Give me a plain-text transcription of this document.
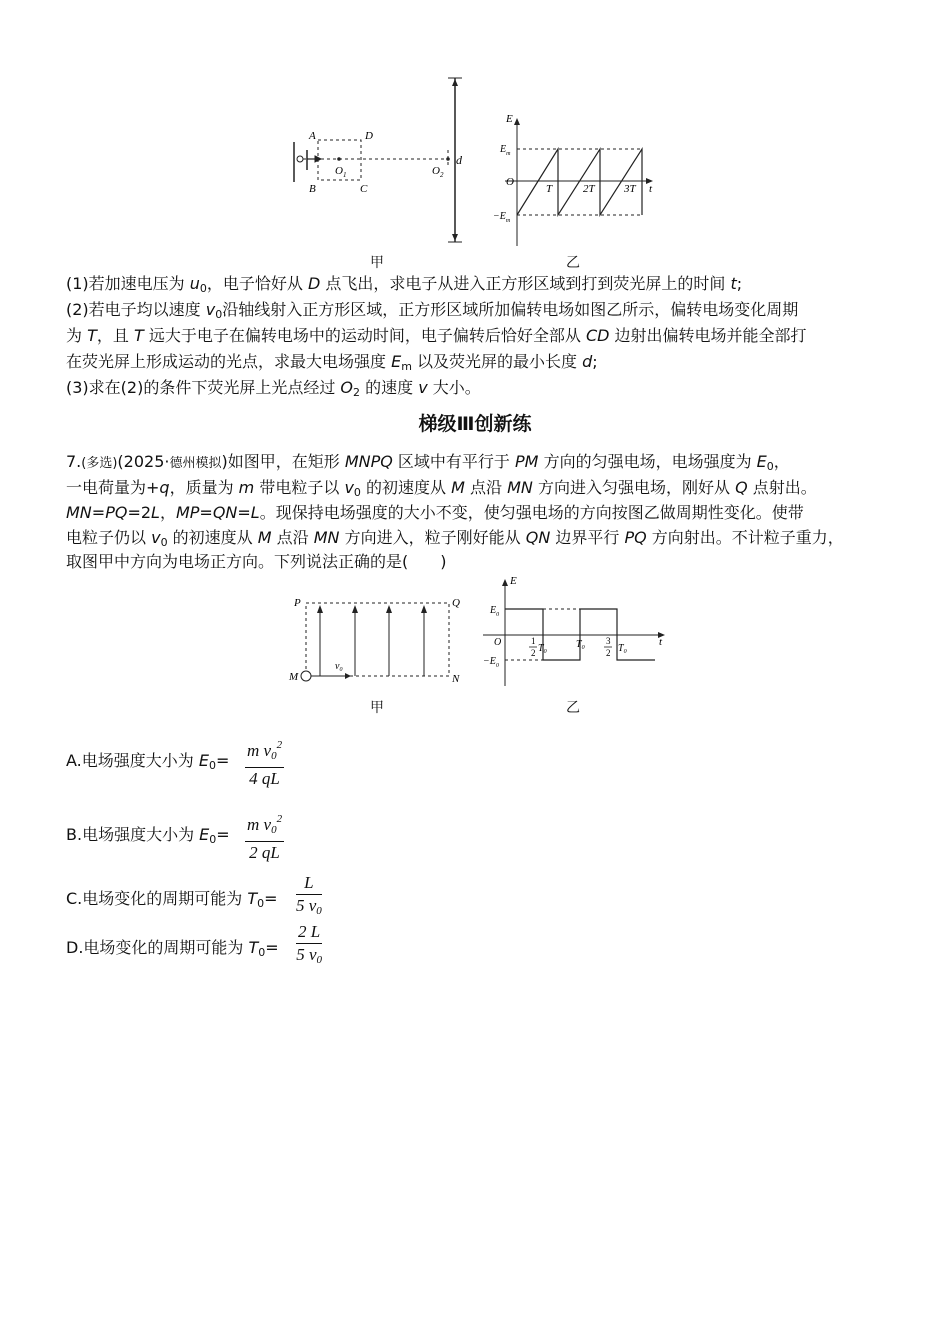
A
B	C
D
$O_1$	$O_2$
d
E
$E_m$
$-E_m$
O
T	2T	3T t
甲	乙
(1)若加速电压为 $u_0$，电子恰好从 D 点飞出，求电子从进入正方形区域到打到荧光屏上的时间 t;
(2)若电子均以速度 $v_0$沿轴线射入正方形区域，正方形区域所加偏转电场如图乙所示，偏转电场变化周期
为 T，且 T 远大于电子在偏转电场中的运动时间，电子偏转后恰好全部从 CD 边射出偏转电场并能全部打
在荧光屏上形成运动的光点，求最大电场强度 $E_m$ 以及荧光屏的最小长度 d;
(3)求在(2)的条件下荧光屏上光点经过 $O_2$ 的速度 v 大小。
梯级Ⅲ创新练
7.(多选)(2025·德州模拟)如图甲，在矩形 MNPQ 区域中有平行于 PM 方向的匀强电场，电场强度为 $E_0$，
一电荷量为+q，质量为 m 带电粒子以 $v_0$ 的初速度从 M 点沿 MN 方向进入匀强电场，刚好从 Q 点射出。
MN=PQ=2L，MP=QN=L。现保持电场强度的大小不变，使匀强电场的方向按图乙做周期性变化。使带
电粒子仍以 $v_0$ 的初速度从 M 点沿 MN 方向进入，粒子刚好能从 QN 边界平行 PQ 方向射出。不计粒子重力，
取图甲中方向为电场正方向。下列说法正确的是(　　)
P	Q
M	N
$v_0$
E
$E_0$
$-E_0$
O	1
2 $T_0$
$T_0$
3
2 $T_0$
t
甲	乙
A.电场强度大小为 $E_0= \frac{m v_0^2}{4 qL}$
B.电场强度大小为 $E_0= \frac{m v_0^2}{2 qL}$
C.电场变化的周期可能为 $T_0= \frac{L}{5 v_0}$
D.电场变化的周期可能为 $T_0= \frac{2 L}{5 v_0}$
